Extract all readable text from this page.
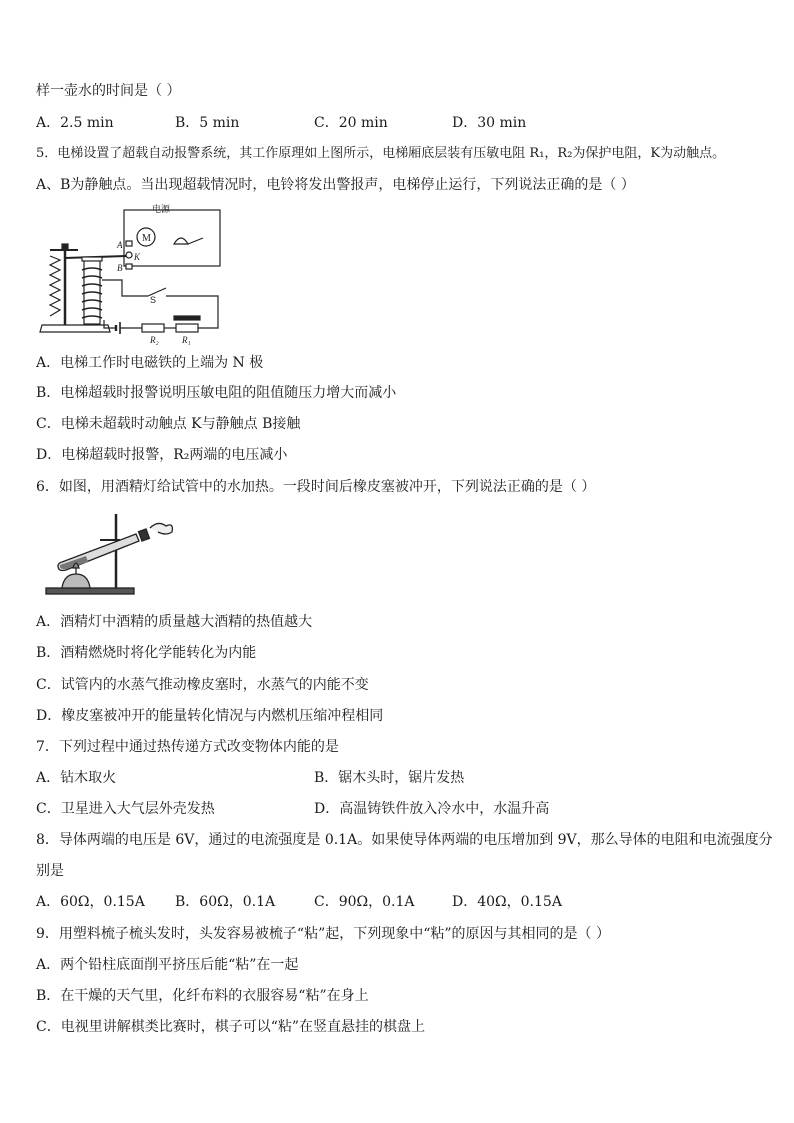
样一壶水的时间是（ ）
A．2.5 min	B．5 min	C．20 min	D．30 min
5．电梯设置了超载自动报警系统，其工作原理如上图所示，电梯厢底层装有压敏电阻 R₁，R₂为保护电阻，K为动触点。
A、B为静触点。当出现超载情况时，电铃将发出警报声，电梯停止运行，下列说法正确的是（ ）
电源
M
A
K
B
S
R₂	R₁
A．电梯工作时电磁铁的上端为 N 极
B．电梯超载时报警说明压敏电阻的阻值随压力增大而减小
C．电梯未超载时动触点 K与静触点 B接触
D．电梯超载时报警，R₂两端的电压减小
6．如图，用酒精灯给试管中的水加热。一段时间后橡皮塞被冲开，下列说法正确的是（ ）
A．酒精灯中酒精的质量越大酒精的热值越大
B．酒精燃烧时将化学能转化为内能
C．试管内的水蒸气推动橡皮塞时，水蒸气的内能不变
D．橡皮塞被冲开的能量转化情况与内燃机压缩冲程相同
7．下列过程中通过热传递方式改变物体内能的是
A．钻木取火	B．锯木头时，锯片发热
C．卫星进入大气层外壳发热	D．高温铸铁件放入冷水中，水温升高
8．导体两端的电压是 6V，通过的电流强度是 0.1A。如果使导体两端的电压增加到 9V，那么导体的电阻和电流强度分
别是
A．60Ω，0.15A B．60Ω，0.1A	C．90Ω，0.1A	D．40Ω，0.15A
9．用塑料梳子梳头发时，头发容易被梳子“粘”起，下列现象中“粘”的原因与其相同的是（ ）
A．两个铅柱底面削平挤压后能“粘”在一起
B．在干燥的天气里，化纤布料的衣服容易“粘”在身上
C．电视里讲解棋类比赛时，棋子可以“粘”在竖直悬挂的棋盘上
